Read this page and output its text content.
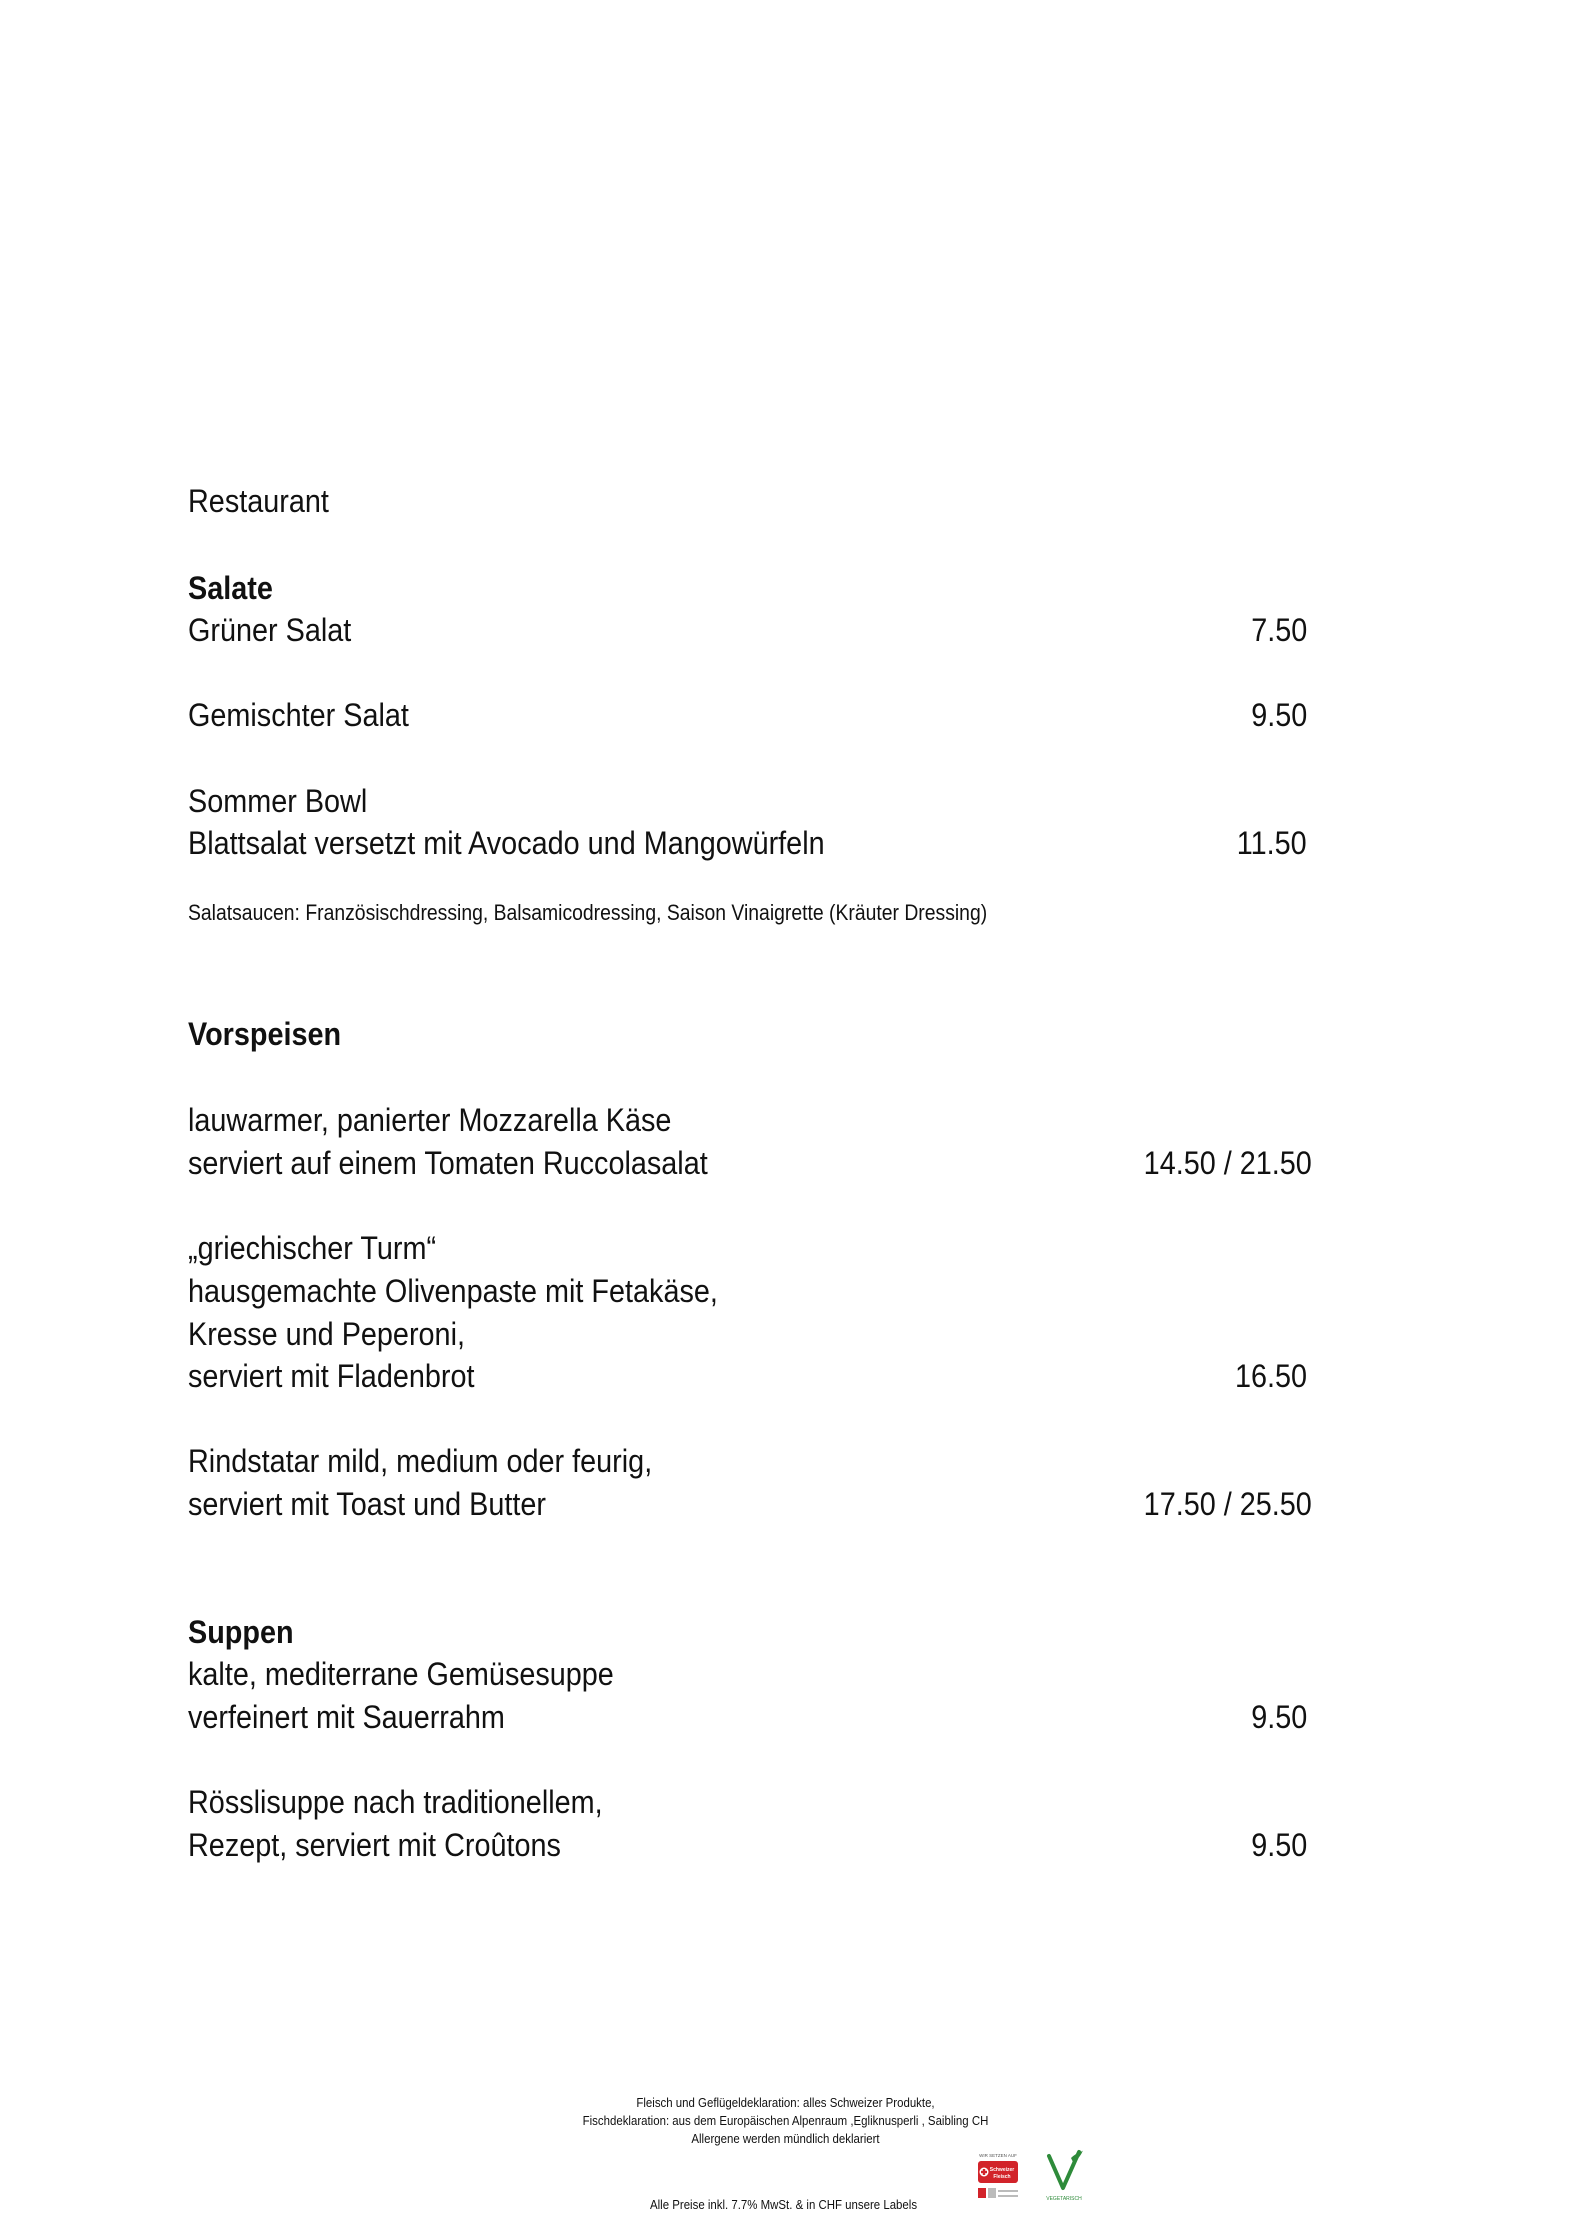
Restaurant
Salate
Grüner Salat	7.50
Gemischter Salat	9.50
Sommer Bowl
Blattsalat versetzt mit Avocado und Mangowürfeln	11.50
Salatsaucen: Französischdressing, Balsamicodressing, Saison Vinaigrette (Kräuter Dressing)
Vorspeisen
lauwarmer, panierter Mozzarella Käse
serviert auf einem Tomaten Ruccolasalat	14.50 / 21.50
„griechischer Turm“
hausgemachte Olivenpaste mit Fetakäse,
Kresse und Peperoni,
serviert mit Fladenbrot	16.50
Rindstatar mild, medium oder feurig,
serviert mit Toast und Butter	17.50 / 25.50
Suppen
kalte, mediterrane Gemüsesuppe
verfeinert mit Sauerrahm	9.50
Rösslisuppe nach traditionellem,
Rezept, serviert mit Croûtons	9.50
Fleisch und Geflügeldeklaration: alles Schweizer Produkte,
Fischdeklaration: aus dem Europäischen Alpenraum ,Egliknusperli , Saibling CH
Allergene werden mündlich deklariert
Alle Preise inkl. 7.7% MwSt. & in CHF unsere Labels
WIR SETZEN AUF
Schweizer
Fleisch
VEGETARISCH
